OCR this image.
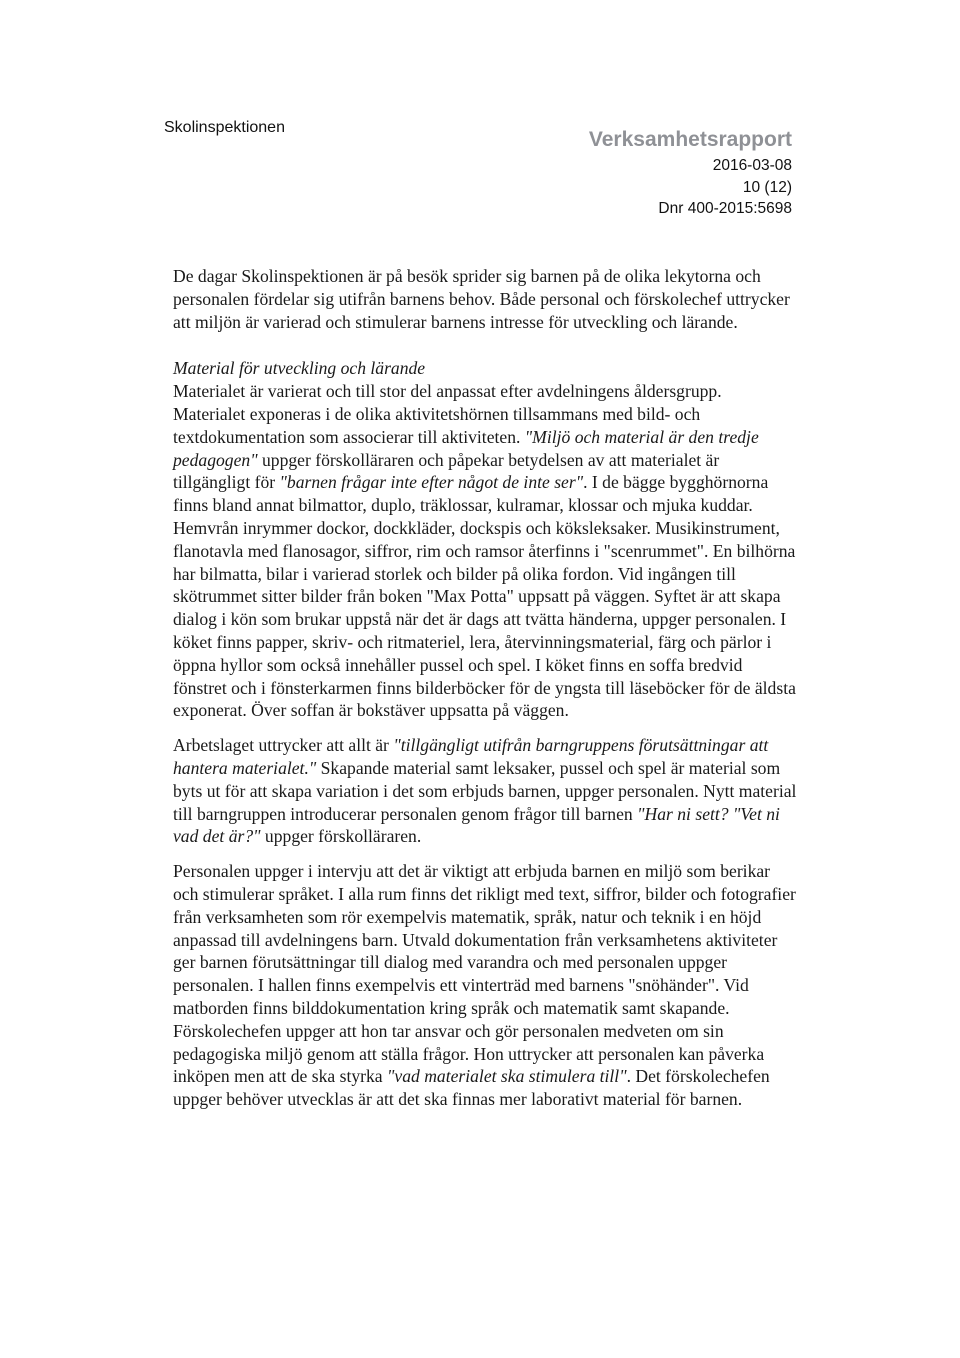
Skolinspektionen
Verksamhetsrapport
2016-03-08
10 (12)
Dnr 400-2015:5698

De dagar Skolinspektionen är på besök sprider sig barnen på de olika lekytorna och personalen fördelar sig utifrån barnens behov. Både personal och förskolechef uttrycker att miljön är varierad och stimulerar barnens intresse för utveckling och lärande.

Material för utveckling och lärande

Materialet är varierat och till stor del anpassat efter avdelningens åldersgrupp. Materialet exponeras i de olika aktivitetshörnen tillsammans med bild- och textdokumentation som associerar till aktiviteten. "Miljö och material är den tredje pedagogen" uppger förskolläraren och påpekar betydelsen av att materialet är tillgängligt för "barnen frågar inte efter något de inte ser". I de bägge bygghörnorna finns bland annat bilmattor, duplo, träklossar, kulramar, klossar och mjuka kuddar. Hemvrån inrymmer dockor, dockkläder, dockspis och köksleksaker. Musikinstrument, flanotavla med flanosagor, siffror, rim och ramsor återfinns i "scenrummet". En bilhörna har bilmatta, bilar i varierad storlek och bilder på olika fordon. Vid ingången till skötrummet sitter bilder från boken "Max Potta" uppsatt på väggen. Syftet är att skapa dialog i kön som brukar uppstå när det är dags att tvätta händerna, uppger personalen. I köket finns papper, skriv- och ritmateriel, lera, återvinningsmaterial, färg och pärlor i öppna hyllor som också innehåller pussel och spel. I köket finns en soffa bredvid fönstret och i fönsterkarmen finns bilderböcker för de yngsta till läseböcker för de äldsta exponerat. Över soffan är bokstäver uppsatta på väggen.

Arbetslaget uttrycker att allt är "tillgängligt utifrån barngruppens förutsättningar att hantera materialet." Skapande material samt leksaker, pussel och spel är material som byts ut för att skapa variation i det som erbjuds barnen, uppger personalen. Nytt material till barngruppen introducerar personalen genom frågor till barnen "Har ni sett? "Vet ni vad det är?" uppger förskolläraren.

Personalen uppger i intervju att det är viktigt att erbjuda barnen en miljö som berikar och stimulerar språket. I alla rum finns det rikligt med text, siffror, bilder och fotografier från verksamheten som rör exempelvis matematik, språk, natur och teknik i en höjd anpassad till avdelningens barn. Utvald dokumentation från verksamhetens aktiviteter ger barnen förutsättningar till dialog med varandra och med personalen uppger personalen. I hallen finns exempelvis ett vinterträd med barnens "snöhänder". Vid matborden finns bilddokumentation kring språk och matematik samt skapande. Förskolechefen uppger att hon tar ansvar och gör personalen medveten om sin pedagogiska miljö genom att ställa frågor. Hon uttrycker att personalen kan påverka inköpen men att de ska styrka "vad materialet ska stimulera till". Det förskolechefen uppger behöver utvecklas är att det ska finnas mer laborativt material för barnen.
